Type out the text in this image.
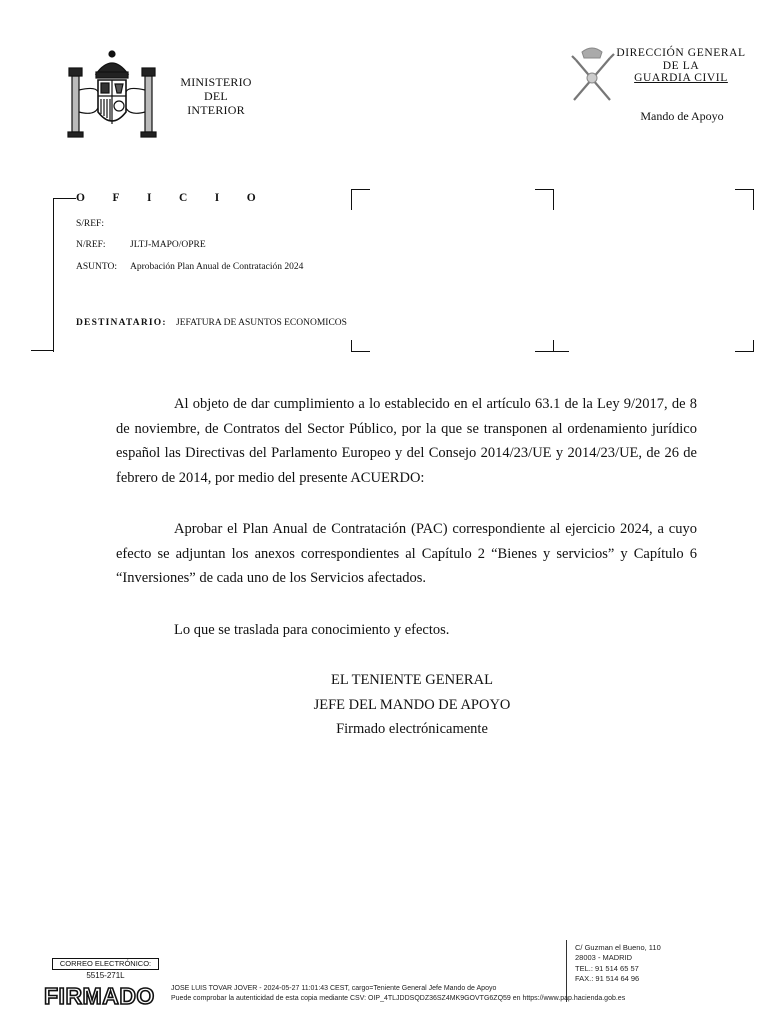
MINISTERIO
DEL
INTERIOR
DIRECCIÓN GENERAL
DE LA
GUARDIA CIVIL
Mando de Apoyo
OFICIO
S/REF:
N/REF:	JLTJ-MAPO/OPRE
ASUNTO: Aprobación Plan Anual de Contratación 2024
DESTINATARIO: JEFATURA DE ASUNTOS ECONOMICOS

Al objeto de dar cumplimiento a lo establecido en el artículo 63.1 de la Ley 9/2017, de 8 de noviembre, de Contratos del Sector Público, por la que se transponen al ordenamiento jurídico español las Directivas del Parlamento Europeo y del Consejo 2014/23/UE y 2014/23/UE, de 26 de febrero de 2014, por medio del presente ACUERDO:

Aprobar el Plan Anual de Contratación (PAC) correspondiente al ejercicio 2024, a cuyo efecto se adjuntan los anexos correspondientes al Capítulo 2 “Bienes y servicios” y Capítulo 6 “Inversiones” de cada uno de los Servicios afectados.

Lo que se traslada para conocimiento y efectos.

EL TENIENTE GENERAL
JEFE DEL MANDO DE APOYO
Firmado electrónicamente
C/ Guzman el Bueno, 110
28003 - MADRID
TEL.: 91 514 65 57
FAX.: 91 514 64 96
CORREO ELECTRÓNICO:
5515-271L
FIRMADO JOSE LUIS TOVAR JOVER - 2024-05-27 11:01:43 CEST, cargo=Teniente General Jefe Mando de Apoyo
Puede comprobar la autenticidad de esta copia mediante CSV: OIP_4TLJDDSQDZ36SZ4MK9GOVTG6ZQ59 en https://www.pap.hacienda.gob.es
